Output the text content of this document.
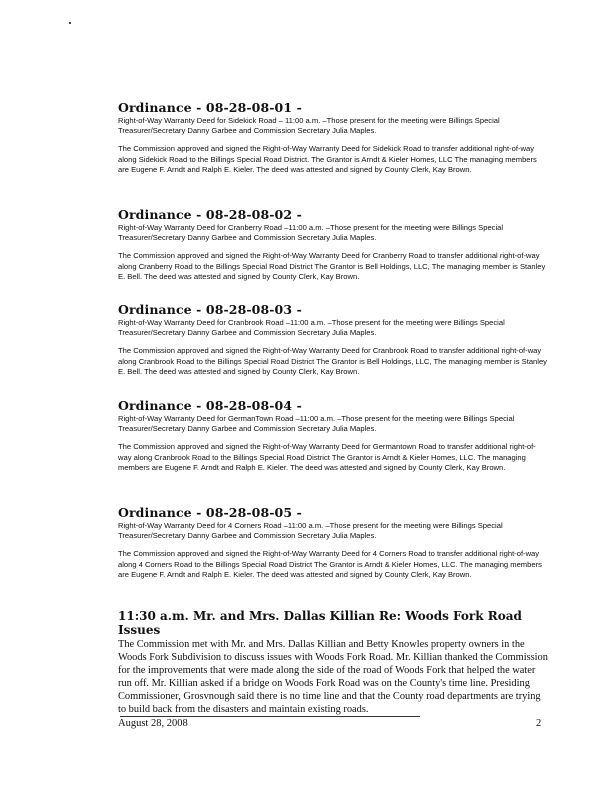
Ordinance - 08-28-08-01 -

Right-of-Way Warranty Deed for Sidekick Road – 11:00 a.m. –Those present for the meeting were Billings Special Treasurer/Secretary Danny Garbee and Commission Secretary Julia Maples.

The Commission approved and signed the Right-of-Way Warranty Deed for Sidekick Road to transfer additional right-of-way along Sidekick Road to the Billings Special Road District. The Grantor is Arndt & Kieler Homes, LLC The managing members are Eugene F. Arndt and Ralph E. Kieler. The deed was attested and signed by County Clerk, Kay Brown.

Ordinance - 08-28-08-02 -

Right-of-Way Warranty Deed for Cranberry Road –11:00 a.m. –Those present for the meeting were Billings Special Treasurer/Secretary Danny Garbee and Commission Secretary Julia Maples.

The Commission approved and signed the Right-of-Way Warranty Deed for Cranberry Road to transfer additional right-of-way along Cranberry Road to the Billings Special Road District The Grantor is Bell Holdings, LLC, The managing member is Stanley E. Bell. The deed was attested and signed by County Clerk, Kay Brown.

Ordinance - 08-28-08-03 -

Right-of-Way Warranty Deed for Cranbrook Road –11:00 a.m. –Those present for the meeting were Billings Special Treasurer/Secretary Danny Garbee and Commission Secretary Julia Maples.

The Commission approved and signed the Right-of-Way Warranty Deed for Cranbrook Road to transfer additional right-of-way along Cranbrook Road to the Billings Special Road District The Grantor is Bell Holdings, LLC, The managing member is Stanley E. Bell. The deed was attested and signed by County Clerk, Kay Brown.

Ordinance - 08-28-08-04 -

Right-of-Way Warranty Deed for GermanTown Road –11:00 a.m. –Those present for the meeting were Billings Special Treasurer/Secretary Danny Garbee and Commission Secretary Julia Maples.

The Commission approved and signed the Right-of-Way Warranty Deed for Germantown Road to transfer additional right-of-way along Cranbrook Road to the Billings Special Road District The Grantor is Arndt & Kieler Homes, LLC. The managing members are Eugene F. Arndt and Ralph E. Kieler. The deed was attested and signed by County Clerk, Kay Brown.

Ordinance - 08-28-08-05 -

Right-of-Way Warranty Deed for 4 Corners Road –11:00 a.m. –Those present for the meeting were Billings Special Treasurer/Secretary Danny Garbee and Commission Secretary Julia Maples.

The Commission approved and signed the Right-of-Way Warranty Deed for 4 Corners Road to transfer additional right-of-way along 4 Corners Road to the Billings Special Road District The Grantor is Arndt & Kieler Homes, LLC. The managing members are Eugene F. Arndt and Ralph E. Kieler. The deed was attested and signed by County Clerk, Kay Brown.

11:30 a.m. Mr. and Mrs. Dallas Killian Re: Woods Fork Road Issues

The Commission met with Mr. and Mrs. Dallas Killian and Betty Knowles property owners in the Woods Fork Subdivision to discuss issues with Woods Fork Road. Mr. Killian thanked the Commission for the improvements that were made along the side of the road of Woods Fork that helped the water run off. Mr. Killian asked if a bridge on Woods Fork Road was on the County's time line. Presiding Commissioner, Grosvnough said there is no time line and that the County road departments are trying to build back from the disasters and maintain existing roads.

August 28, 2008	2
